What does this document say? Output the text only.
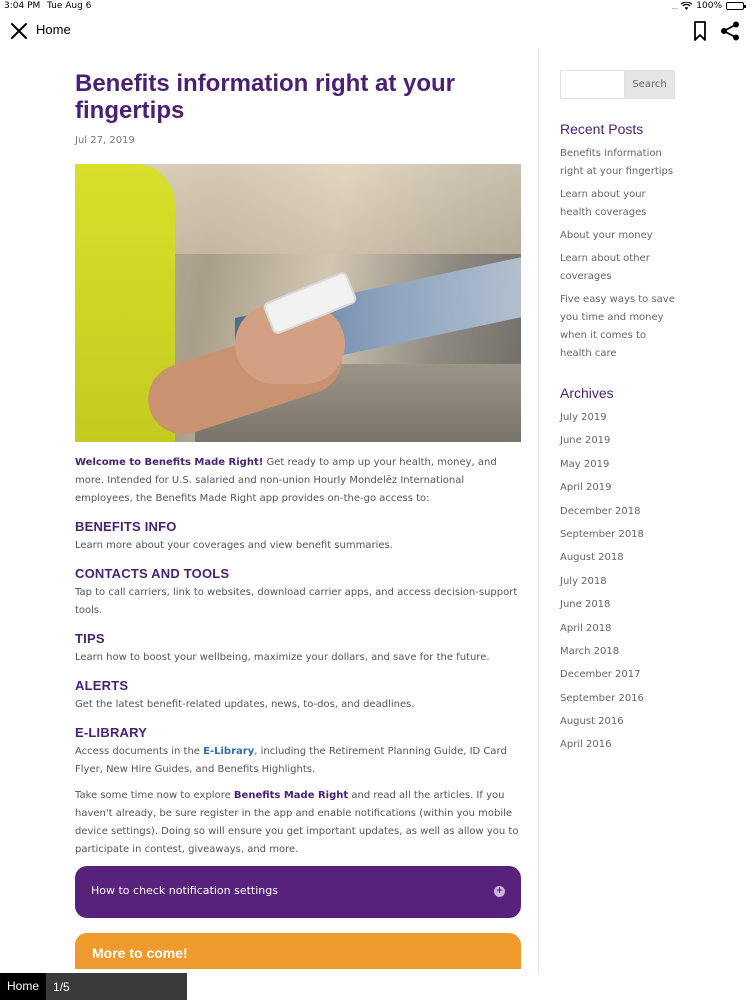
3:04 PM Tue Aug 6	.... 100%
Home
Benefits information right at your fingertips
Jul 27, 2019

Welcome to Benefits Made Right! Get ready to amp up your health, money, and more. Intended for U.S. salaried and non-union Hourly Mondelēz International employees, the Benefits Made Right app provides on-the-go access to:

BENEFITS INFO
Learn more about your coverages and view benefit summaries.
CONTACTS AND TOOLS
Tap to call carriers, link to websites, download carrier apps, and access decision-support tools.
TIPS
Learn how to boost your wellbeing, maximize your dollars, and save for the future.
ALERTS
Get the latest benefit-related updates, news, to-dos, and deadlines.
E-LIBRARY
Access documents in the E-Library, including the Retirement Planning Guide, ID Card Flyer, New Hire Guides, and Benefits Highlights.

Take some time now to explore Benefits Made Right and read all the articles. If you haven't already, be sure register in the app and enable notifications (within you mobile device settings). Doing so will ensure you get important updates, as well as allow you to participate in contest, giveaways, and more.

How to check notification settings	+
More to come!
Search
Recent Posts
Benefits information right at your fingertips
Learn about your health coverages
About your money
Learn about other coverages
Five easy ways to save you time and money when it comes to health care
Archives
July 2019
June 2019
May 2019
April 2019
December 2018
September 2018
August 2018
July 2018
June 2018
April 2018
March 2018
December 2017
September 2016
August 2016
April 2016
Home	1/5
